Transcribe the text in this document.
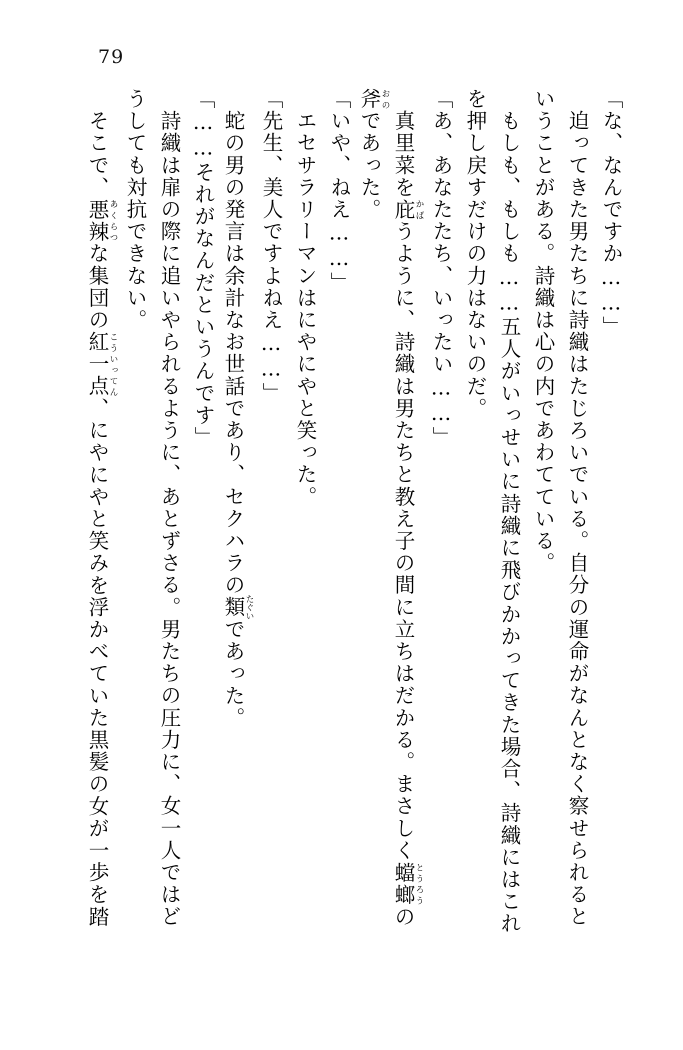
79
「な、なんですか……」
　迫ってきた男たちに詩織はたじろいでいる。自分の運命がなんとなく察せられると
いうことがある。詩織は心の内であわてている。
　もしも、もしも……五人がいっせいに詩織に飛びかかってきた場合、詩織にはこれ
を押し戻すだけの力はないのだ。
「あ、あなたたち、いったい……」
　真里菜を庇 かばうように、詩織は男たちと教え子の間に立ちはだかる。まさしく蟷螂 とうろうの
斧 おのであった。
「いや、ねえ……」
　エセサラリーマンはにやにやと笑った。
「先生、美人ですよねえ……」
　蛇の男の発言は余計なお世話であり、セクハラの類 たぐいであった。
「……それがなんだというんです」
　詩織は扉の際に追いやられるように、あとずさる。男たちの圧力に、女一人ではど
うしても対抗できない。
　そこで、悪辣 あくらつな集団の紅一点 こういってん、にやにやと笑みを浮かべていた黒髪の女が一歩を踏
